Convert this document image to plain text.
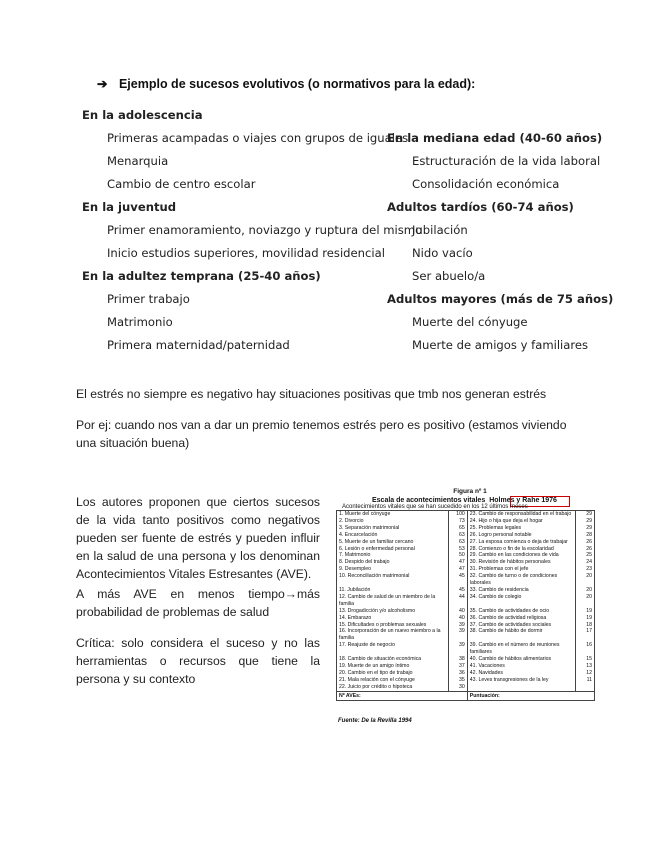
➔ Ejemplo de sucesos evolutivos (o normativos para la edad):
En la adolescencia
Primeras acampadas o viajes con grupos de iguales
Menarquia
Cambio de centro escolar
En la juventud
Primer enamoramiento, noviazgo y ruptura del mismo
Inicio estudios superiores, movilidad residencial
En la adultez temprana (25-40 años)
Primer trabajo
Matrimonio
Primera maternidad/paternidad
En la mediana edad (40-60 años)
Estructuración de la vida laboral
Consolidación económica
Adultos tardíos (60-74 años)
Jubilación
Nido vacío
Ser abuelo/a
Adultos mayores (más de 75 años)
Muerte del cónyuge
Muerte de amigos y familiares
El estrés no siempre es negativo hay situaciones positivas que tmb nos generan estrés
Por ej: cuando nos van a dar un premio tenemos estrés pero es positivo (estamos viviendo una situación buena)
Los autores proponen que ciertos sucesos de la vida tanto positivos como negativos pueden ser fuente de estrés y pueden influir en la salud de una persona y los denominan Acontecimientos Vitales Estresantes (AVE).
A más AVE en menos tiempo→más probabilidad de problemas de salud
Crítica: solo considera el suceso y no las herramientas o recursos que tiene la persona y su contexto
Figura nº 1
Escala de acontecimientos vitales Holmes y Rahe 1976
Acontecimientos vitales que se han sucedido en los 12 últimos meses
1. Muerte del cónyuge	100	23. Cambio de responsabilidad en el trabajo	29
2. Divorcio	73	24. Hijo o hija que deja el hogar	29
3. Separación matrimonial	65	25. Problemas legales	29
4. Encarcelación	63	26. Logro personal notable	28
5. Muerte de un familiar cercano	63	27. La esposa comienza o deja de trabajar	26
6. Lesión o enfermedad personal	53	28. Comienzo o fin de la escolaridad	26
7. Matrimonio	50	29. Cambio en las condiciones de vida	25
8. Despido del trabajo	47	30. Revisión de hábitos personales	24
9. Desempleo	47	31. Problemas con el jefe	23
10. Reconciliación matrimonial	45	32. Cambio de turno o de condiciones laborales	20
11. Jubilación	45	33. Cambio de residencia	20
12. Cambio de salud de un miembro de la familia	44	34. Cambio de colegio	20
13. Drogadicción y/o alcoholismo	40	35. Cambio de actividades de ocio	19
14. Embarazo	40	36. Cambio de actividad religiosa	19
15. Dificultades o problemas sexuales	39	37. Cambio de actividades sociales	18
16. Incorporación de un nuevo miembro a la familia	39	38. Cambio de hábito de dormir	17
17. Reajuste de negocio	39	39. Cambio en el número de reuniones familiares	16
18. Cambio de situación económica	38	40. Cambio de hábitos alimentarios	15
19. Muerte de un amigo íntimo	37	41. Vacaciones	13
20. Cambio en el tipo de trabajo	36	42. Navidades	12
21. Mala relación con el cónyuge	35	43. Leves transgresiones de la ley	11
22. Juicio por crédito o hipoteca	30		
Nº AVEs:		Puntuación:	
Fuente: De la Revilla 1994
